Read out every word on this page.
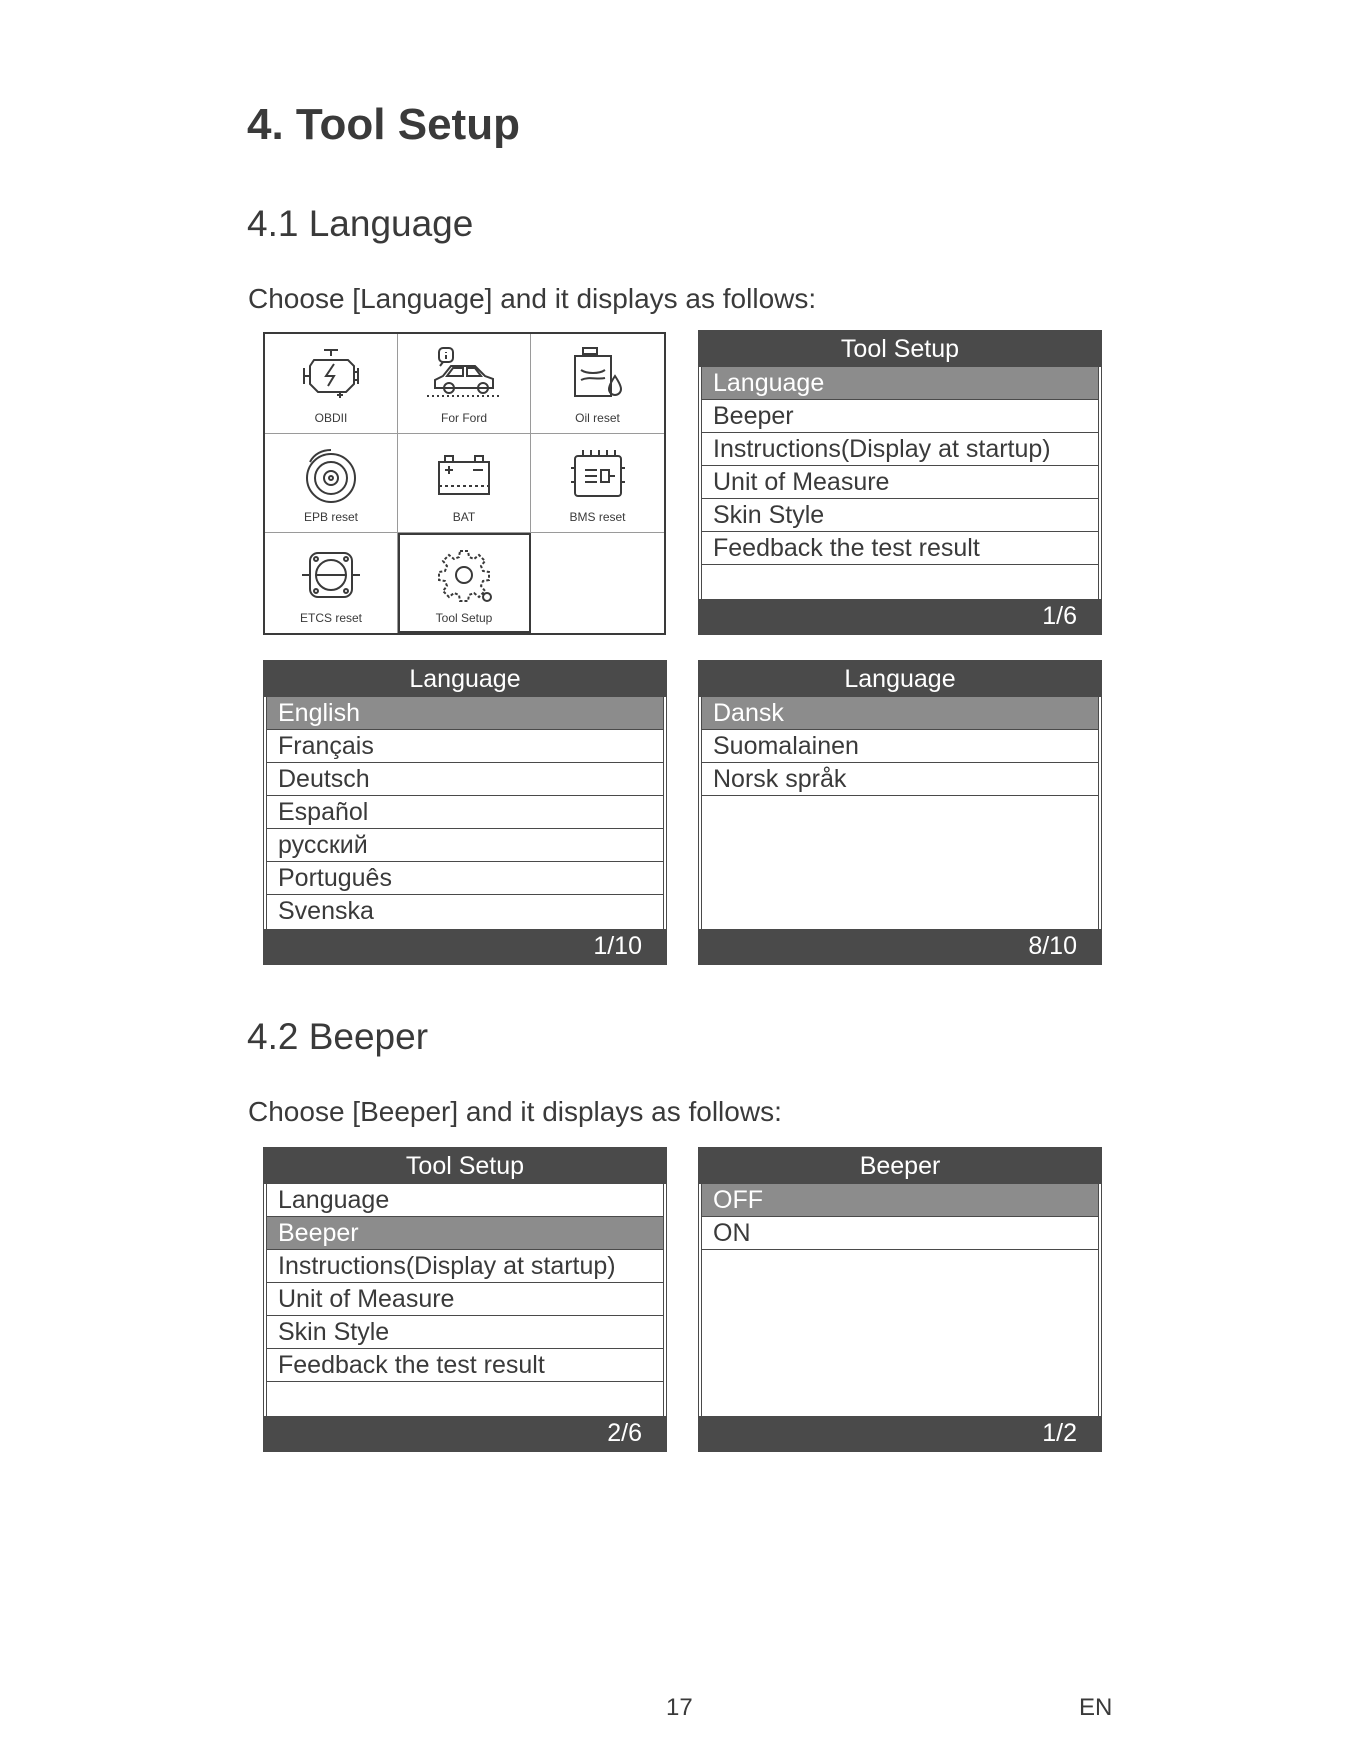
4. Tool Setup
4.1 Language
Choose [Language] and it displays as follows:
OBDII	For Ford	Oil reset
EPB reset	BAT	BMS reset
ETCS reset	Tool Setup
Tool Setup
Language
Beeper
Instructions(Display at startup)
Unit of Measure
Skin Style
Feedback the test result
1/6
Language
English
Français
Deutsch
Español
русский
Português
Svenska
1/10
Language
Dansk
Suomalainen
Norsk språk
8/10
4.2 Beeper
Choose [Beeper] and it displays as follows:
Tool Setup
Language
Beeper
Instructions(Display at startup)
Unit of Measure
Skin Style
Feedback the test result
2/6
Beeper
OFF
ON
1/2
17	EN
